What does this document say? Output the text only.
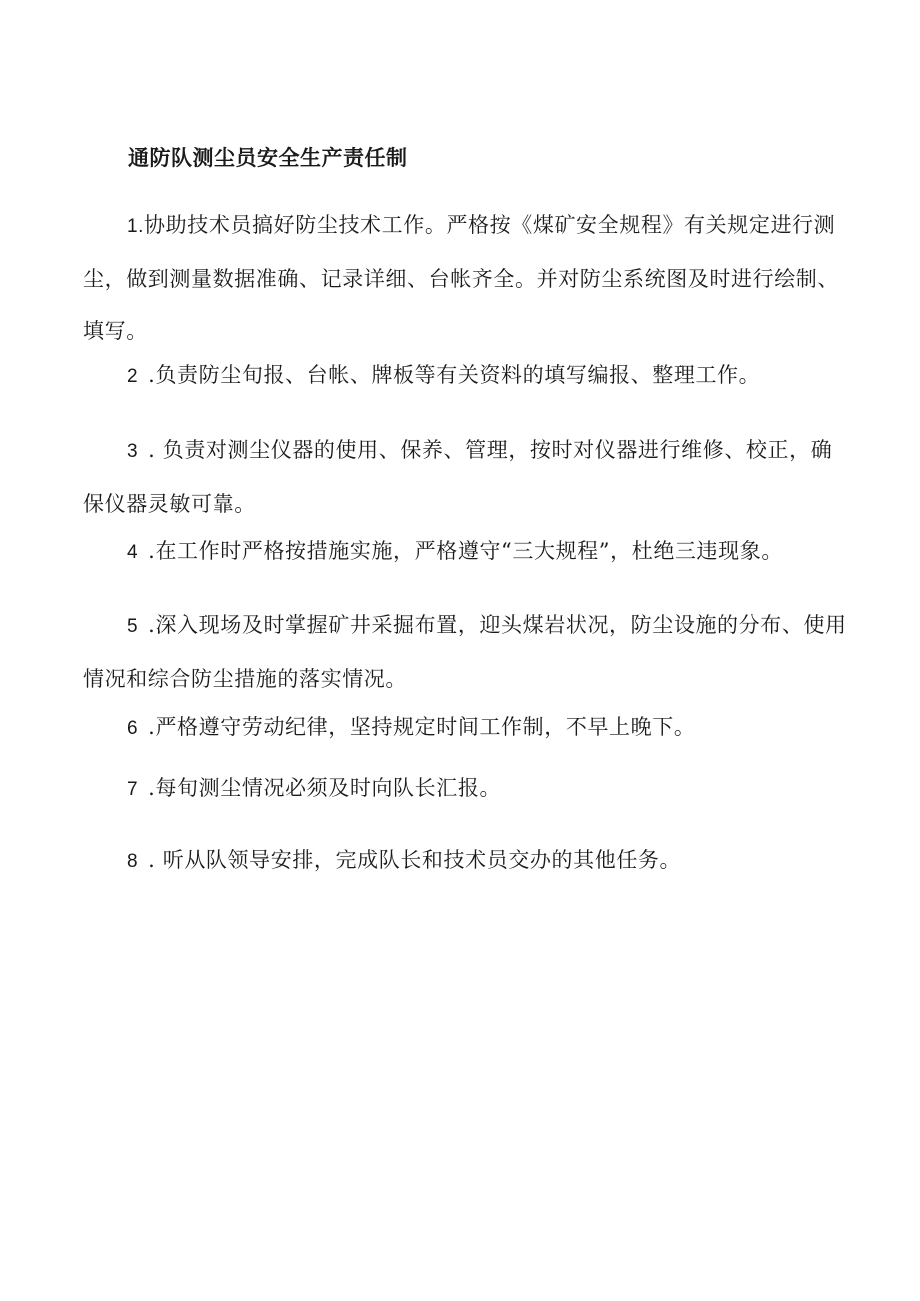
通防队测尘员安全生产责任制
1.协助技术员搞好防尘技术工作。严格按《煤矿安全规程》有关规定进行测尘，做到测量数据准确、记录详细、台帐齐全。并对防尘系统图及时进行绘制、填写。
2 .负责防尘旬报、台帐、牌板等有关资料的填写编报、整理工作。
3 . 负责对测尘仪器的使用、保养、管理，按时对仪器进行维修、校正，确保仪器灵敏可靠。
4 .在工作时严格按措施实施，严格遵守“三大规程”，杜绝三违现象。
5 .深入现场及时掌握矿井采掘布置，迎头煤岩状况，防尘设施的分布、使用情况和综合防尘措施的落实情况。
6 .严格遵守劳动纪律，坚持规定时间工作制，不早上晚下。
7 .每旬测尘情况必须及时向队长汇报。
8 . 听从队领导安排，完成队长和技术员交办的其他任务。
